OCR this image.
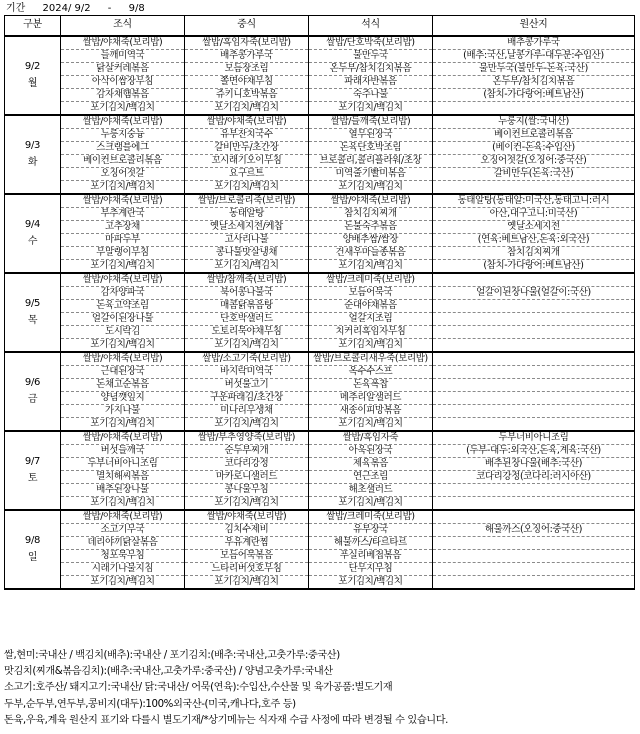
기간 2024/ 9/2 - 9/8
구분	조식	중식	석식	원산지

9/2
월	쌀밥/야채죽(보리밥)	쌀밥/흑임자죽(보리밥)	쌀밥/단호박죽(보리밥)	배추콩가루국
	들깨미역국	배추콩가루국	물만두국	(배추:국산,날콩가루-대두분:수입산)
	닭살커레볶음	모듬장조림	온두부/참치김치볶음	물만두국(물만두-돈육:국산)
	아삭이쌈장무침	쫄면야채무침	파래자반볶음	온두부/참치김치볶음
	감자채햄볶음	쥬키니호박볶음	숙주나물	(참치-가다랑어:베트남산)
	포기김치/백김치	포기김치/백김치	포기김치/백김치	

9/3
화	쌀밥/야채죽(보리밥)	쌀밥/야채죽(보리밥)	쌀밥/들깨죽(보리밥)	누룽지(쌀:국내산)
	누룽지숭늉	유부잔치국수	열무된장국	베이컨브로콜리볶음
	스크램블에그	갈비만두/초간장	돈육단호박조림	(베이컨-돈육:수입산)
	베이컨브로콜리볶음	꼬시래기오이무침	브로콜리,콜리플라워/초장	오징어젓갈(오징어:중국산)
	오징어젓갈	요구르트	미역줄기빨미볶음	갈비만두(돈육:국산)
	포기김치/백김치	포기김치/백김치	포기김치/백김치	

9/4
수	쌀밥/야채죽(보리밥)	쌀밥/브로콜리죽(보리밥)	쌀밥/야채죽(보리밥)	동태알탕(동태알:미국산,동태고니:러시
	부추계란국	동태알탕	참치김치찌개	아산,대구고니:미국산)
	고추장채	옛날소세지전/케찹	돈불숙주볶음	옛날소세지전
	마파두부	고사리나물	양배추쌈/쌈장	(연육:베트남산,돈육:외국산)
	무말랭이무침	콩나물맛살냉채	건새우마늘종볶음	참치김치찌개
	포기김치/백김치	포기김치/백김치	포기김치/백김치	(참치-가다랑어:베트남산)

9/5
목	쌀밥/야채죽(보리밥)	쌀밥/참깨죽(보리밥)	쌀밥/크레미죽(보리밥)	
	감자양파국	북어콩나물국	모듬어묵국	얼갈이된장나물(얼갈이:국산)
	돈육고약조림	매콤닭볶음탕	순대야채볶음	
	얼갈이된장나물	단호박샐러드	얼갈지조림	
	도시락김	도토리묵야채무침	치커리흑임자무침	
	포기김치/백김치	포기김치/백김치	포기김치/백김치	

9/6
금	쌀밥/야채죽(보리밥)	쌀밥/소고기죽(보리밥)	쌀밥/브로콜리새우죽(보리밥)	
	근대된장국	바지락미역국	옥수수스프	
	돈채고순볶음	버섯불고기	돈육폭찹	
	양념깻잎지	구운파래김/초간장	메추리알샐러드	
	가지나물	미나리무생채	새송이피망볶음	
	포기김치/백김치	포기김치/백김치	포기김치/백김치	

9/7
토	쌀밥/야채죽(보리밥)	쌀밥/부추영양죽(보리밥)	쌀밥/흑임자죽	두부너비아니조림
	버섯들깨국	순두부찌개	아욱된장국	(두부-대두:외국산,돈육,계육:국산)
	두부너비아니조림	코다리강정	제육볶음	배추된장나물(배추:국산)
	멸치해씨볶음	마카로니샐러드	연근조림	코다리강정(코다리:러시아산)
	배추된장나물	콩나물무침	해초샐러드	
	포기김치/백김치	포기김치/백김치	포기김치/백김치	

9/8
일	쌀밥/야채죽(보리밥)	쌀밥/야채죽(보리밥)	쌀밥/크레미죽(보리밥)	
	소고기무국	김치수제비	유부장국	해물까스(오징어:중국산)
	데리야끼닭살볶음	우유계란찜	해물까스/타르타르	
	청포묵무침	모듬어묵볶음	푸실리베첩볶음	
	시래기나물지짐	느타리버섯호무침	단무지무침	
	포기김치/백김치	포기김치/백김치	포기김치/백김치	
쌀,현미:국내산 / 백김치(배추):국내산 / 포기김치:(배추:국내산,고춧가루:중국산)
맛김치(찌개&볶음김치):(배추:국내산,고춧가루:중국산) / 양념고춧가루:국내산
소고기:호주산/ 돼지고기:국내산/ 닭:국내산/ 어묵(연육):수입산,수산물 및 육가공품:별도기재
두부,순두부,연두부,콩비지(대두):100%외국산-(미국,캐나다,호주 등)
돈육,우육,계육 원산지 표기와 다를시 별도기재/*상기메뉴는 식자재 수급 사정에 따라 변경될 수 있습니다.
